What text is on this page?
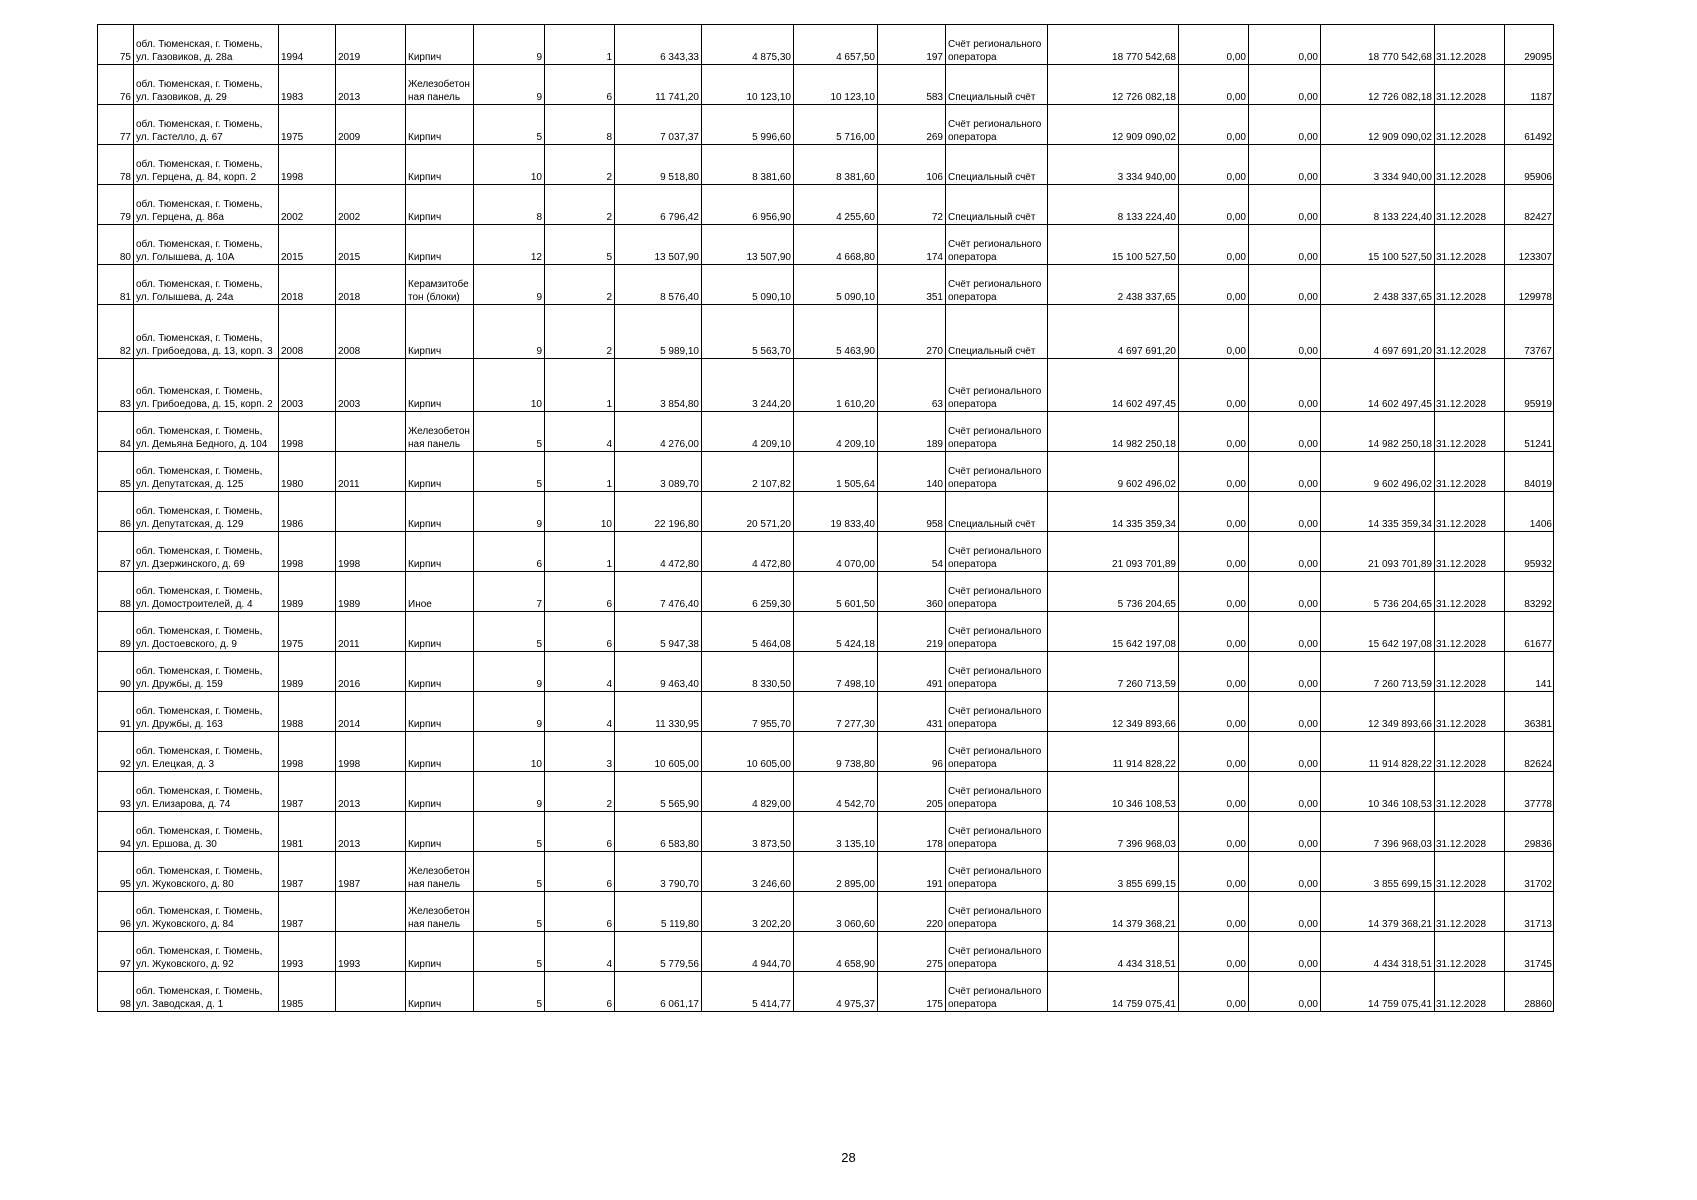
75	обл. Тюменская, г. Тюмень, ул. Газовиков, д. 28а	1994	2019	Кирпич	9	1	6 343,33	4 875,30	4 657,50	197	Счёт регионального оператора	18 770 542,68	0,00	0,00	18 770 542,68	31.12.2028	29095
76	обл. Тюменская, г. Тюмень, ул. Газовиков, д. 29	1983	2013	Железобетонная панель	9	6	11 741,20	10 123,10	10 123,10	583	Специальный счёт	12 726 082,18	0,00	0,00	12 726 082,18	31.12.2028	1187
77	обл. Тюменская, г. Тюмень, ул. Гастелло, д. 67	1975	2009	Кирпич	5	8	7 037,37	5 996,60	5 716,00	269	Счёт регионального оператора	12 909 090,02	0,00	0,00	12 909 090,02	31.12.2028	61492
78	обл. Тюменская, г. Тюмень, ул. Герцена, д. 84, корп. 2	1998		Кирпич	10	2	9 518,80	8 381,60	8 381,60	106	Специальный счёт	3 334 940,00	0,00	0,00	3 334 940,00	31.12.2028	95906
79	обл. Тюменская, г. Тюмень, ул. Герцена, д. 86а	2002	2002	Кирпич	8	2	6 796,42	6 956,90	4 255,60	72	Специальный счёт	8 133 224,40	0,00	0,00	8 133 224,40	31.12.2028	82427
80	обл. Тюменская, г. Тюмень, ул. Голышева, д. 10А	2015	2015	Кирпич	12	5	13 507,90	13 507,90	4 668,80	174	Счёт регионального оператора	15 100 527,50	0,00	0,00	15 100 527,50	31.12.2028	123307
81	обл. Тюменская, г. Тюмень, ул. Голышева, д. 24а	2018	2018	Керамзитобетон (блоки)	9	2	8 576,40	5 090,10	5 090,10	351	Счёт регионального оператора	2 438 337,65	0,00	0,00	2 438 337,65	31.12.2028	129978
82	обл. Тюменская, г. Тюмень, ул. Грибоедова, д. 13, корп. 3	2008	2008	Кирпич	9	2	5 989,10	5 563,70	5 463,90	270	Специальный счёт	4 697 691,20	0,00	0,00	4 697 691,20	31.12.2028	73767
83	обл. Тюменская, г. Тюмень, ул. Грибоедова, д. 15, корп. 2	2003	2003	Кирпич	10	1	3 854,80	3 244,20	1 610,20	63	Счёт регионального оператора	14 602 497,45	0,00	0,00	14 602 497,45	31.12.2028	95919
84	обл. Тюменская, г. Тюмень, ул. Демьяна Бедного, д. 104	1998		Железобетонная панель	5	4	4 276,00	4 209,10	4 209,10	189	Счёт регионального оператора	14 982 250,18	0,00	0,00	14 982 250,18	31.12.2028	51241
85	обл. Тюменская, г. Тюмень, ул. Депутатская, д. 125	1980	2011	Кирпич	5	1	3 089,70	2 107,82	1 505,64	140	Счёт регионального оператора	9 602 496,02	0,00	0,00	9 602 496,02	31.12.2028	84019
86	обл. Тюменская, г. Тюмень, ул. Депутатская, д. 129	1986		Кирпич	9	10	22 196,80	20 571,20	19 833,40	958	Специальный счёт	14 335 359,34	0,00	0,00	14 335 359,34	31.12.2028	1406
87	обл. Тюменская, г. Тюмень, ул. Дзержинского, д. 69	1998	1998	Кирпич	6	1	4 472,80	4 472,80	4 070,00	54	Счёт регионального оператора	21 093 701,89	0,00	0,00	21 093 701,89	31.12.2028	95932
88	обл. Тюменская, г. Тюмень, ул. Домостроителей, д. 4	1989	1989	Иное	7	6	7 476,40	6 259,30	5 601,50	360	Счёт регионального оператора	5 736 204,65	0,00	0,00	5 736 204,65	31.12.2028	83292
89	обл. Тюменская, г. Тюмень, ул. Достоевского, д. 9	1975	2011	Кирпич	5	6	5 947,38	5 464,08	5 424,18	219	Счёт регионального оператора	15 642 197,08	0,00	0,00	15 642 197,08	31.12.2028	61677
90	обл. Тюменская, г. Тюмень, ул. Дружбы, д. 159	1989	2016	Кирпич	9	4	9 463,40	8 330,50	7 498,10	491	Счёт регионального оператора	7 260 713,59	0,00	0,00	7 260 713,59	31.12.2028	141
91	обл. Тюменская, г. Тюмень, ул. Дружбы, д. 163	1988	2014	Кирпич	9	4	11 330,95	7 955,70	7 277,30	431	Счёт регионального оператора	12 349 893,66	0,00	0,00	12 349 893,66	31.12.2028	36381
92	обл. Тюменская, г. Тюмень, ул. Елецкая, д. 3	1998	1998	Кирпич	10	3	10 605,00	10 605,00	9 738,80	96	Счёт регионального оператора	11 914 828,22	0,00	0,00	11 914 828,22	31.12.2028	82624
93	обл. Тюменская, г. Тюмень, ул. Елизарова, д. 74	1987	2013	Кирпич	9	2	5 565,90	4 829,00	4 542,70	205	Счёт регионального оператора	10 346 108,53	0,00	0,00	10 346 108,53	31.12.2028	37778
94	обл. Тюменская, г. Тюмень, ул. Ершова, д. 30	1981	2013	Кирпич	5	6	6 583,80	3 873,50	3 135,10	178	Счёт регионального оператора	7 396 968,03	0,00	0,00	7 396 968,03	31.12.2028	29836
95	обл. Тюменская, г. Тюмень, ул. Жуковского, д. 80	1987	1987	Железобетонная панель	5	6	3 790,70	3 246,60	2 895,00	191	Счёт регионального оператора	3 855 699,15	0,00	0,00	3 855 699,15	31.12.2028	31702
96	обл. Тюменская, г. Тюмень, ул. Жуковского, д. 84	1987		Железобетонная панель	5	6	5 119,80	3 202,20	3 060,60	220	Счёт регионального оператора	14 379 368,21	0,00	0,00	14 379 368,21	31.12.2028	31713
97	обл. Тюменская, г. Тюмень, ул. Жуковского, д. 92	1993	1993	Кирпич	5	4	5 779,56	4 944,70	4 658,90	275	Счёт регионального оператора	4 434 318,51	0,00	0,00	4 434 318,51	31.12.2028	31745
98	обл. Тюменская, г. Тюмень, ул. Заводская, д. 1	1985		Кирпич	5	6	6 061,17	5 414,77	4 975,37	175	Счёт регионального оператора	14 759 075,41	0,00	0,00	14 759 075,41	31.12.2028	28860
28
